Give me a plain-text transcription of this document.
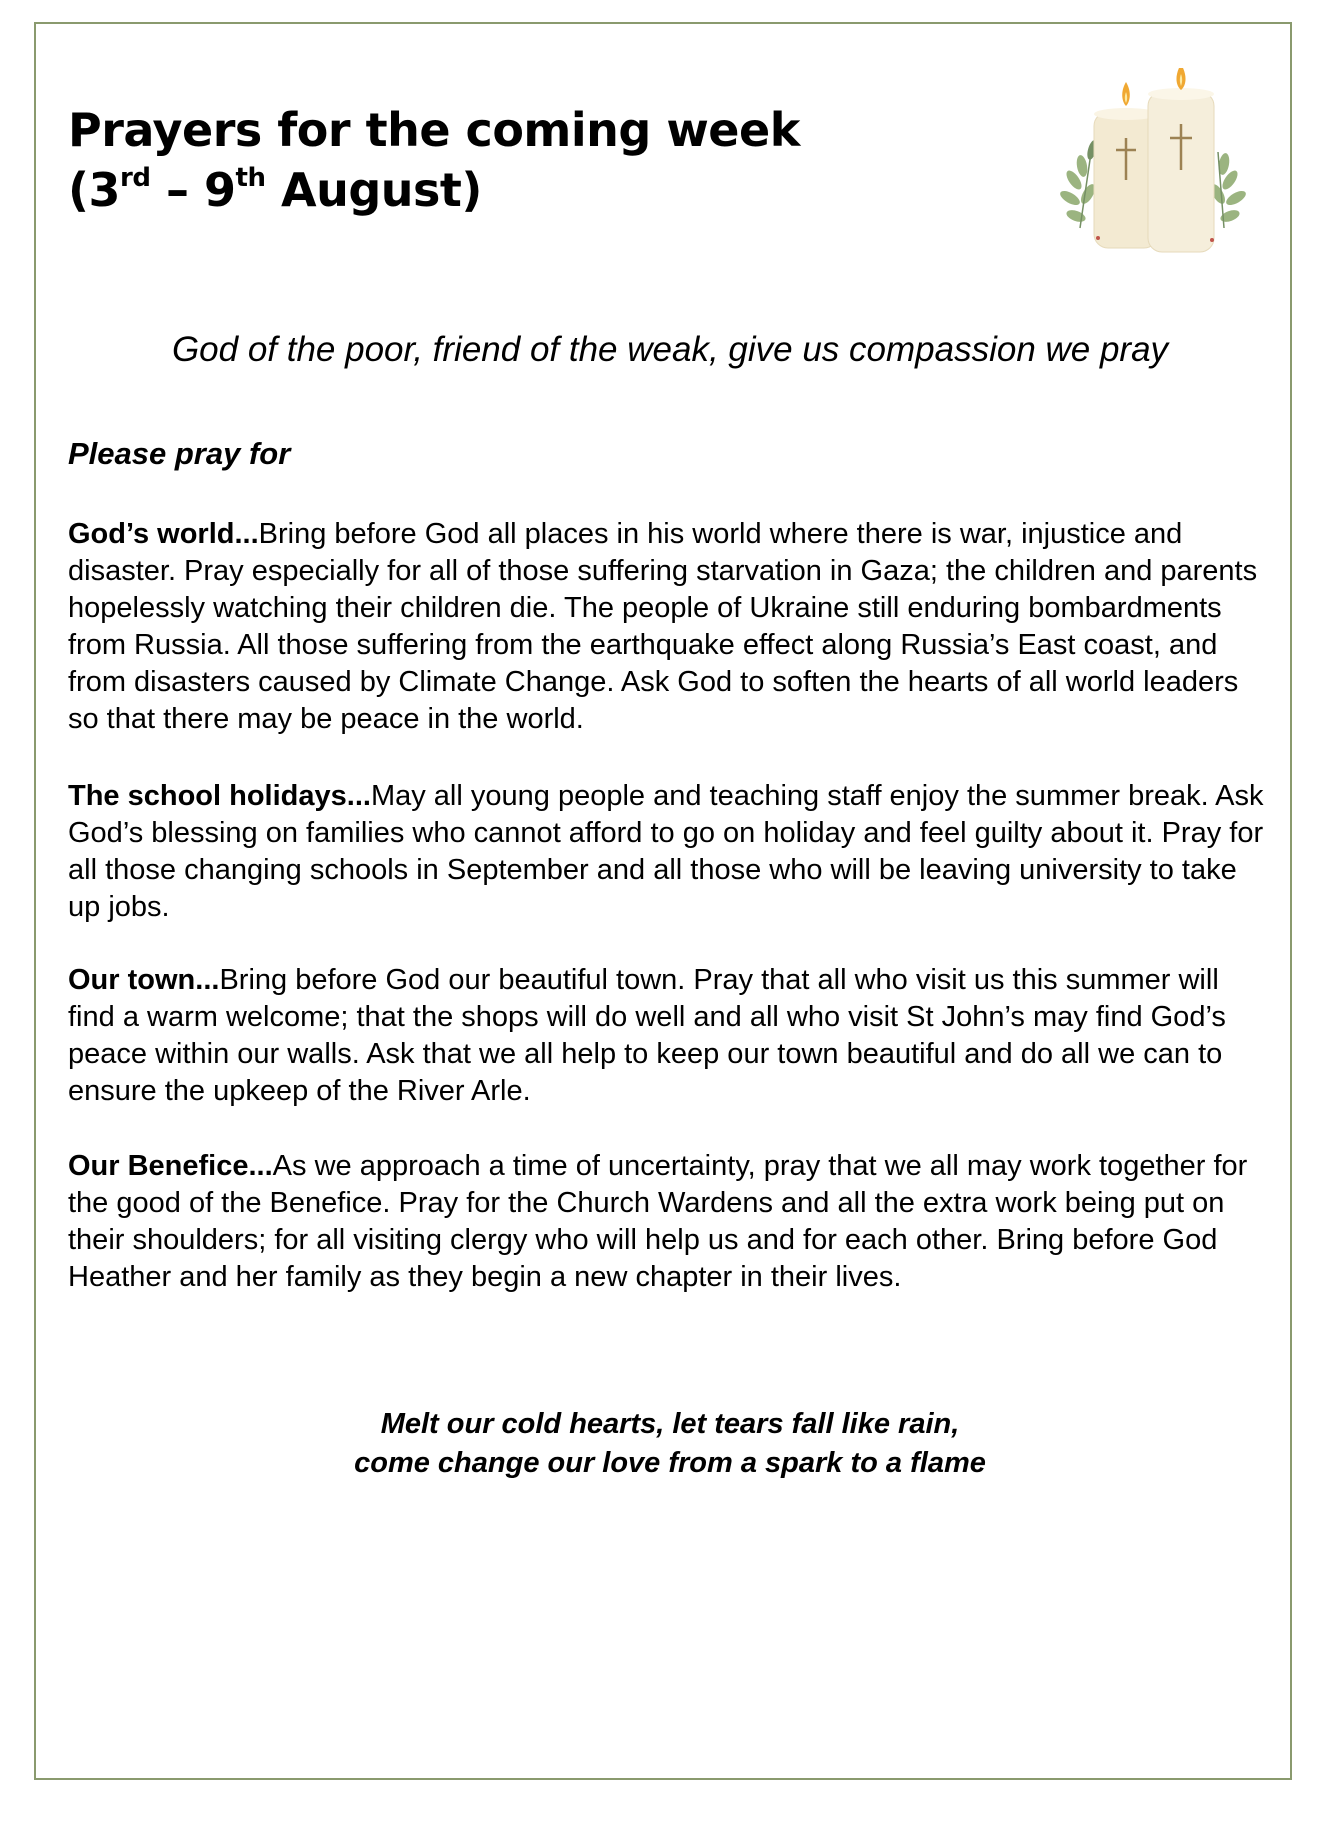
Prayers for the coming week
(3rd – 9th August)

God of the poor, friend of the weak, give us compassion we pray

Please pray for

God’s world...Bring before God all places in his world where there is war, injustice and disaster. Pray especially for all of those suffering starvation in Gaza; the children and parents hopelessly watching their children die. The people of Ukraine still enduring bombardments from Russia. All those suffering from the earthquake effect along Russia’s East coast, and from disasters caused by Climate Change. Ask God to soften the hearts of all world leaders so that there may be peace in the world.

The school holidays...May all young people and teaching staff enjoy the summer break. Ask God’s blessing on families who cannot afford to go on holiday and feel guilty about it. Pray for all those changing schools in September and all those who will be leaving university to take up jobs.

Our town...Bring before God our beautiful town. Pray that all who visit us this summer will find a warm welcome; that the shops will do well and all who visit St John’s may find God’s peace within our walls. Ask that we all help to keep our town beautiful and do all we can to ensure the upkeep of the River Arle.

Our Benefice...As we approach a time of uncertainty, pray that we all may work together for the good of the Benefice. Pray for the Church Wardens and all the extra work being put on their shoulders; for all visiting clergy who will help us and for each other. Bring before God Heather and her family as they begin a new chapter in their lives.

Melt our cold hearts, let tears fall like rain,
come change our love from a spark to a flame
